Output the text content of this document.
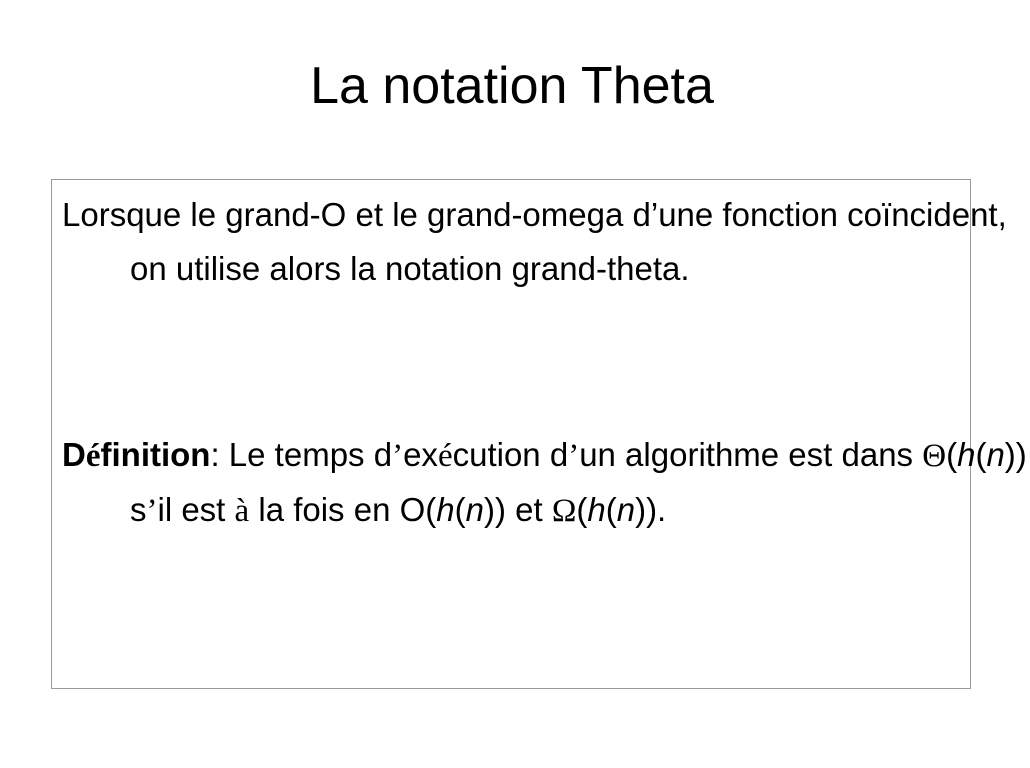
La notation Theta

Lorsque le grand-O et le grand-omega d’une fonction coïncident, on utilise alors la notation grand-theta.

Définition: Le temps d’exécution d’un algorithme est dans Θ(h(n)) s’il est à la fois en O(h(n)) et Ω(h(n)).
